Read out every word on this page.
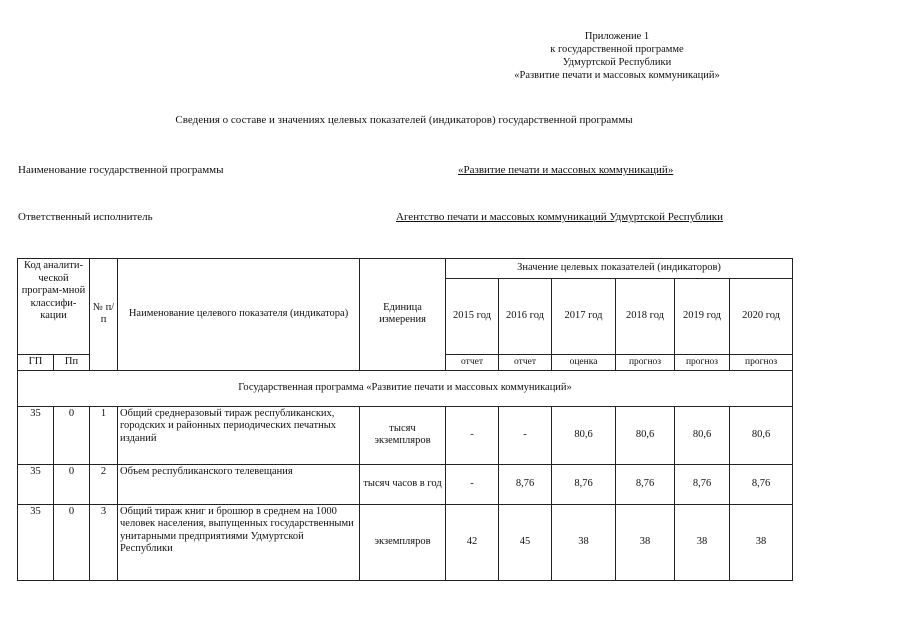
Приложение 1
к государственной программе
Удмуртской Республики
«Развитие печати и массовых коммуникаций»
Сведения о составе и значениях целевых показателей (индикаторов) государственной программы
Наименование государственной программы	«Развитие печати и массовых коммуникаций»
Ответственный исполнитель	Агентство печати и массовых коммуникаций Удмуртской Республики
Код аналити-ческой програм-мной классифи-кации		№ п/п	Наименование целевого показателя (индикатора)	Единица измерения	Значение целевых показателей (индикаторов)					
					2015 год	2016 год	2017 год	2018 год	2019 год	2020 год
ГП	Пп				отчет	отчет	оценка	прогноз	прогноз	прогноз
Государственная программа «Развитие печати и массовых коммуникаций»										
35	0	1	Общий среднеразовый тираж республиканских, городских и районных периодических печатных изданий	тысяч экземпляров	-	-	80,6	80,6	80,6	80,6
35	0	2	Объем республиканского телевещания	тысяч часов в год	-	8,76	8,76	8,76	8,76	8,76
35	0	3	Общий тираж книг и брошюр в среднем на 1000 человек населения, выпущенных государственными унитарными предприятиями Удмуртской Республики	экземпляров	42	45	38	38	38	38
